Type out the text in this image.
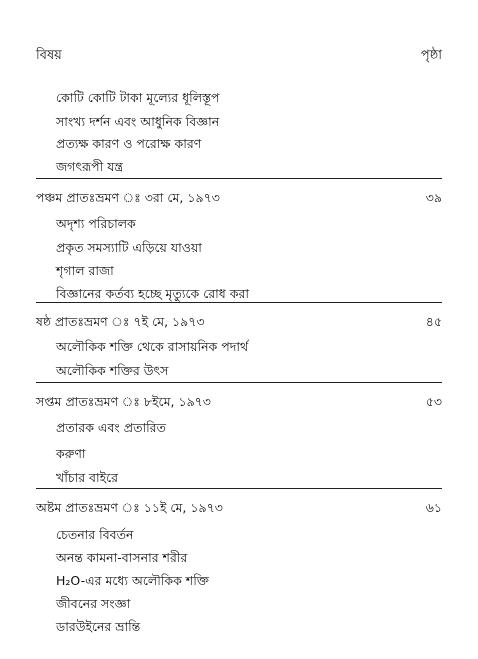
বিষয়	পৃষ্ঠা
কোটি কোটি টাকা মূল্যের ধূলিস্তূপ
সাংখ্য দর্শন এবং আধুনিক বিজ্ঞান
প্রত্যক্ষ কারণ ও পরোক্ষ কারণ
জগৎরূপী যন্ত্র
পঞ্চম প্রাতঃভ্রমণ ঃ ৩রা মে, ১৯৭৩	৩৯
অদৃশ্য পরিচালক
প্রকৃত সমস্যাটি এড়িয়ে যাওয়া
শৃগাল রাজা
বিজ্ঞানের কর্তব্য হচ্ছে মৃত্যুকে রোধ করা
ষষ্ঠ প্রাতঃভ্রমণ ঃ ৭ই মে, ১৯৭৩	৪৫
অলৌকিক শক্তি থেকে রাসায়নিক পদার্থ
অলৌকিক শক্তির উৎস
সপ্তম প্রাতঃভ্রমণ ঃ ৮ইমে, ১৯৭৩	৫৩
প্রতারক এবং প্রতারিত
করুণা
খাঁচার বাইরে
অষ্টম প্রাতঃভ্রমণ ঃ ১১ই মে, ১৯৭৩	৬১
চেতনার বিবর্তন
অনন্ত কামনা-বাসনার শরীর
H₂O-এর মধ্যে অলৌকিক শক্তি
জীবনের সংজ্ঞা
ডারউইনের ভ্রান্তি
